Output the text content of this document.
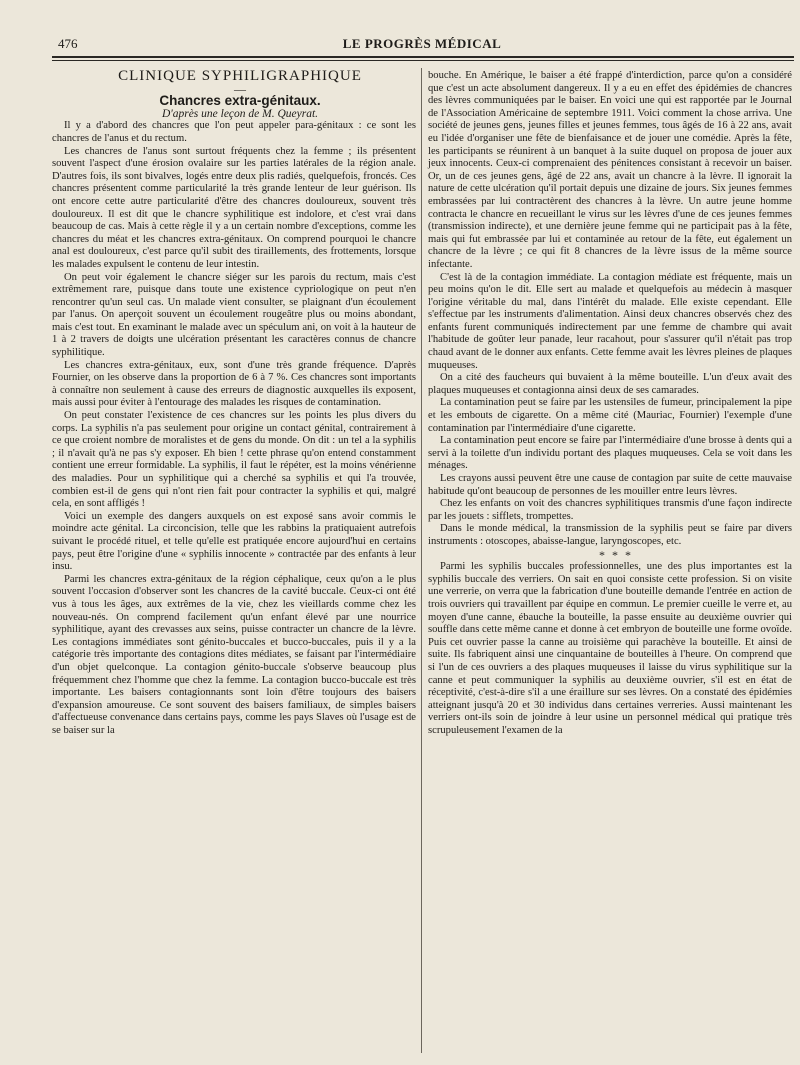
476	LE PROGRÈS MÉDICAL

CLINIQUE SYPHILIGRAPHIQUE

—

Chancres extra-génitaux.

D'après une leçon de M. Queyrat.

Il y a d'abord des chancres que l'on peut appeler para-génitaux : ce sont les chancres de l'anus et du rectum.

Les chancres de l'anus sont surtout fréquents chez la femme ; ils présentent souvent l'aspect d'une érosion ovalaire sur les parties latérales de la région anale. D'autres fois, ils sont bivalves, logés entre deux plis radiés, quelquefois, froncés. Ces chancres présentent comme particularité la très grande lenteur de leur guérison. Ils ont encore cette autre particularité d'être des chancres douloureux, souvent très douloureux. Il est dit que le chancre syphilitique est indolore, et c'est vrai dans beaucoup de cas. Mais à cette règle il y a un certain nombre d'exceptions, comme les chancres du méat et les chancres extra-génitaux. On comprend pourquoi le chancre anal est douloureux, c'est parce qu'il subit des tiraillements, des frottements, lorsque les malades expulsent le contenu de leur intestin.

On peut voir également le chancre siéger sur les parois du rectum, mais c'est extrêmement rare, puisque dans toute une existence cypriologique on peut n'en rencontrer qu'un seul cas. Un malade vient consulter, se plaignant d'un écoulement par l'anus. On aperçoit souvent un écoulement rougeâtre plus ou moins abondant, mais c'est tout. En examinant le malade avec un spéculum ani, on voit à la hauteur de 1 à 2 travers de doigts une ulcération présentant les caractères connus de chancre syphilitique.

Les chancres extra-génitaux, eux, sont d'une très grande fréquence. D'après Fournier, on les observe dans la proportion de 6 à 7 %. Ces chancres sont importants à connaître non seulement à cause des erreurs de diagnostic auxquelles ils exposent, mais aussi pour éviter à l'entourage des malades les risques de contamination.

On peut constater l'existence de ces chancres sur les points les plus divers du corps. La syphilis n'a pas seulement pour origine un contact génital, contrairement à ce que croient nombre de moralistes et de gens du monde. On dit : un tel a la syphilis ; il n'avait qu'à ne pas s'y exposer. Eh bien ! cette phrase qu'on entend constamment contient une erreur formidable. La syphilis, il faut le répéter, est la moins vénérienne des maladies. Pour un syphilitique qui a cherché sa syphilis et qui l'a trouvée, combien est-il de gens qui n'ont rien fait pour contracter la syphilis et qui, malgré cela, en sont affligés !

Voici un exemple des dangers auxquels on est exposé sans avoir commis le moindre acte génital. La circoncision, telle que les rabbins la pratiquaient autrefois suivant le procédé rituel, et telle qu'elle est pratiquée encore aujourd'hui en certains pays, peut être l'origine d'une « syphilis innocente » contractée par des enfants à leur insu.

Parmi les chancres extra-génitaux de la région céphalique, ceux qu'on a le plus souvent l'occasion d'observer sont les chancres de la cavité buccale. Ceux-ci ont été vus à tous les âges, aux extrêmes de la vie, chez les vieillards comme chez les nouveau-nés. On comprend facilement qu'un enfant élevé par une nourrice syphilitique, ayant des crevasses aux seins, puisse contracter un chancre de la lèvre. Les contagions immédiates sont génito-buccales et bucco-buccales, puis il y a la catégorie très importante des contagions dites médiates, se faisant par l'intermédiaire d'un objet quelconque. La contagion génito-buccale s'observe beaucoup plus fréquemment chez l'homme que chez la femme. La contagion bucco-buccale est très importante. Les baisers contagionnants sont loin d'être toujours des baisers d'expansion amoureuse. Ce sont souvent des baisers familiaux, de simples baisers d'affectueuse convenance dans certains pays, comme les pays Slaves où l'usage est de se baiser sur la

bouche. En Amérique, le baiser a été frappé d'interdiction, parce qu'on a considéré que c'est un acte absolument dangereux. Il y a eu en effet des épidémies de chancres des lèvres communiquées par le baiser. En voici une qui est rapportée par le Journal de l'Association Américaine de septembre 1911. Voici comment la chose arriva. Une société de jeunes gens, jeunes filles et jeunes femmes, tous âgés de 16 à 22 ans, avait eu l'idée d'organiser une fête de bienfaisance et de jouer une comédie. Après la fête, les participants se réunirent à un banquet à la suite duquel on proposa de jouer aux jeux innocents. Ceux-ci comprenaient des pénitences consistant à recevoir un baiser. Or, un de ces jeunes gens, âgé de 22 ans, avait un chancre à la lèvre. Il ignorait la nature de cette ulcération qu'il portait depuis une dizaine de jours. Six jeunes femmes embrassées par lui contractèrent des chancres à la lèvre. Un autre jeune homme contracta le chancre en recueillant le virus sur les lèvres d'une de ces jeunes femmes (transmission indirecte), et une dernière jeune femme qui ne participait pas à la fête, mais qui fut embrassée par lui et contaminée au retour de la fête, eut également un chancre de la lèvre ; ce qui fit 8 chancres de la lèvre issus de la même source infectante.

C'est là de la contagion immédiate. La contagion médiate est fréquente, mais un peu moins qu'on le dit. Elle sert au malade et quelquefois au médecin à masquer l'origine véritable du mal, dans l'intérêt du malade. Elle existe cependant. Elle s'effectue par les instruments d'alimentation. Ainsi deux chancres observés chez des enfants furent communiqués indirectement par une femme de chambre qui avait l'habitude de goûter leur panade, leur racahout, pour s'assurer qu'il n'était pas trop chaud avant de le donner aux enfants. Cette femme avait les lèvres pleines de plaques muqueuses.

On a cité des faucheurs qui buvaient à la même bouteille. L'un d'eux avait des plaques muqueuses et contagionna ainsi deux de ses camarades.

La contamination peut se faire par les ustensiles de fumeur, principalement la pipe et les embouts de cigarette. On a même cité (Mauriac, Fournier) l'exemple d'une contamination par l'intermédiaire d'une cigarette.

La contamination peut encore se faire par l'intermédiaire d'une brosse à dents qui a servi à la toilette d'un individu portant des plaques muqueuses. Cela se voit dans les ménages.

Les crayons aussi peuvent être une cause de contagion par suite de cette mauvaise habitude qu'ont beaucoup de personnes de les mouiller entre leurs lèvres.

Chez les enfants on voit des chancres syphilitiques transmis d'une façon indirecte par les jouets : sifflets, trompettes.

Dans le monde médical, la transmission de la syphilis peut se faire par divers instruments : otoscopes, abaisse-langue, laryngoscopes, etc.

* * *

Parmi les syphilis buccales professionnelles, une des plus importantes est la syphilis buccale des verriers. On sait en quoi consiste cette profession. Si on visite une verrerie, on verra que la fabrication d'une bouteille demande l'entrée en action de trois ouvriers qui travaillent par équipe en commun. Le premier cueille le verre et, au moyen d'une canne, ébauche la bouteille, la passe ensuite au deuxième ouvrier qui souffle dans cette même canne et donne à cet embryon de bouteille une forme ovoïde. Puis cet ouvrier passe la canne au troisième qui parachève la bouteille. Et ainsi de suite. Ils fabriquent ainsi une cinquantaine de bouteilles à l'heure. On comprend que si l'un de ces ouvriers a des plaques muqueuses il laisse du virus syphilitique sur la canne et peut communiquer la syphilis au deuxième ouvrier, s'il est en état de réceptivité, c'est-à-dire s'il a une éraillure sur ses lèvres. On a constaté des épidémies atteignant jusqu'à 20 et 30 individus dans certaines verreries. Aussi maintenant les verriers ont-ils soin de joindre à leur usine un personnel médical qui pratique très scrupuleusement l'examen de la
